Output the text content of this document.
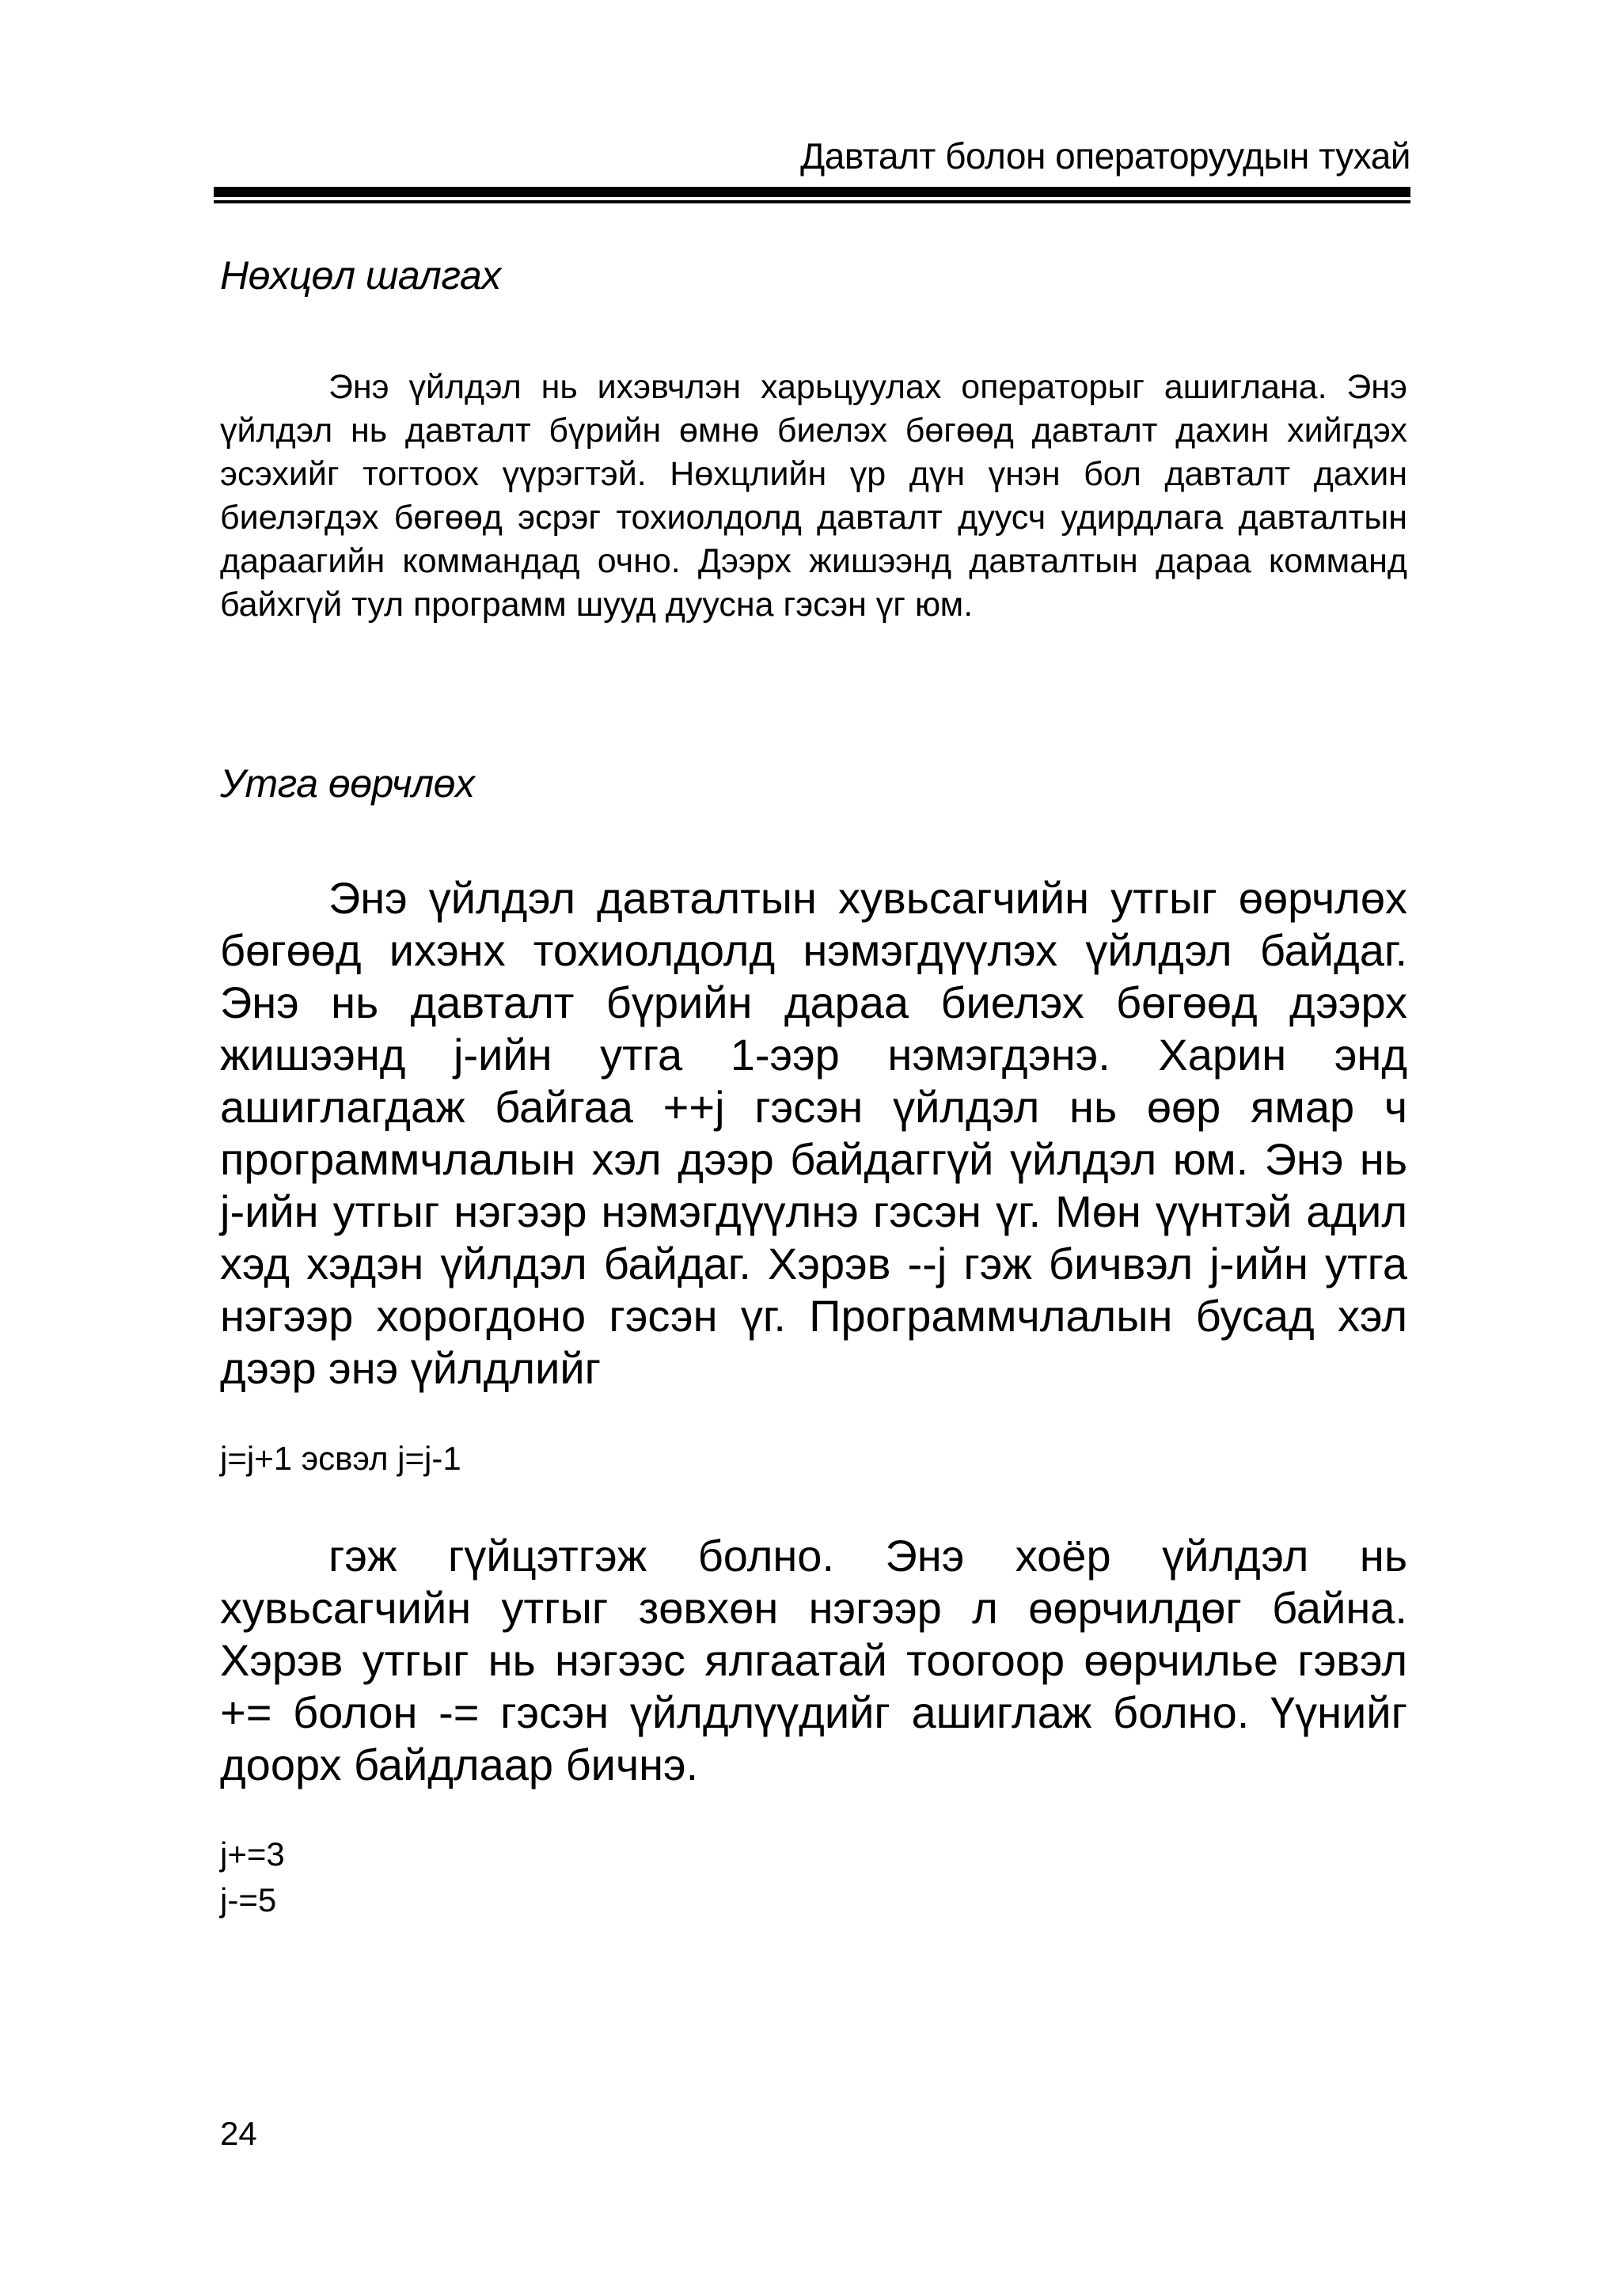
Давталт болон операторуудын тухай
Нөхцөл шалгах

Энэ үйлдэл нь ихэвчлэн харьцуулах операторыг ашиглана. Энэ үйлдэл нь давталт бүрийн өмнө биелэх бөгөөд давталт дахин хийгдэх эсэхийг тогтоох үүрэгтэй. Нөхцлийн үр дүн үнэн бол давталт дахин биелэгдэх бөгөөд эсрэг тохиолдолд давталт дуусч удирдлага давталтын дараагийн коммандад очно. Дээрх жишээнд давталтын дараа комманд байхгүй тул программ шууд дуусна гэсэн үг юм.

Утга өөрчлөх

Энэ үйлдэл давталтын хувьсагчийн утгыг өөрчлөх бөгөөд ихэнх тохиолдолд нэмэгдүүлэх үйлдэл байдаг. Энэ нь давталт бүрийн дараа биелэх бөгөөд дээрх жишээнд j-ийн утга 1-ээр нэмэгдэнэ. Харин энд ашиглагдаж байгаа ++j гэсэн үйлдэл нь өөр ямар ч программчлалын хэл дээр байдаггүй үйлдэл юм. Энэ нь j-ийн утгыг нэгээр нэмэгдүүлнэ гэсэн үг. Мөн үүнтэй адил хэд хэдэн үйлдэл байдаг. Хэрэв --j гэж бичвэл j-ийн утга нэгээр хорогдоно гэсэн үг. Программчлалын бусад хэл дээр энэ үйлдлийг

j=j+1 эсвэл j=j-1

гэж гүйцэтгэж болно. Энэ хоёр үйлдэл нь хувьсагчийн утгыг зөвхөн нэгээр л өөрчилдөг байна. Хэрэв утгыг нь нэгээс ялгаатай тоогоор өөрчилье гэвэл += болон -= гэсэн үйлдлүүдийг ашиглаж болно. Үүнийг доорх байдлаар бичнэ.

j+=3

j-=5

24
